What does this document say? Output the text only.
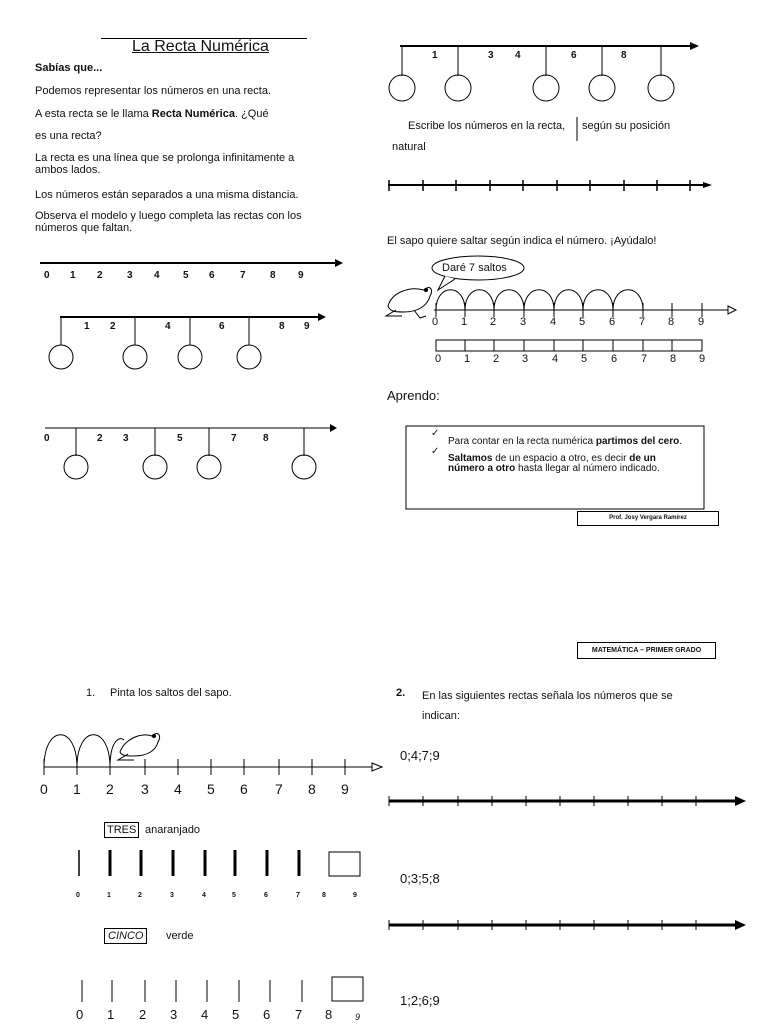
La Recta Numérica
Sabías que...
Podemos representar los números en una recta.
A esta recta se le llama Recta Numérica. ¿Qué
es una recta?
La recta es una línea que se prolonga infinitamente a ambos lados.
Los números están separados a una misma distancia.
Observa el modelo y luego completa las rectas con los números que faltan.
0 1 2 3 4 5 6	7 8 9
1 2	4	6	8 9
0	2 3	5	7	8
1	3 4	6	8
Escribe los números en la recta, según su posición
natural
El sapo quiere saltar según indica el número. ¡Ayúdalo!
Daré 7 saltos
0 1 2 3 4 5 6 7 8 9
0 1 2 3 4 5 6 7 8 9
Aprendo:
✓
Para contar en la recta numérica partimos del cero.
✓
Saltamos de un espacio a otro, es decir de un número a otro hasta llegar al número indicado.
Prof. Josy Vergara Ramírez
MATEMÁTICA – PRIMER GRADO
1. Pinta los saltos del sapo.	2. En las siguientes rectas señala los números que se indican:
0 1 2 3 4 5 6 7 8 9
TRES anaranjado
0	1	2	3	4	5	6	7	8	9
CINCO	verde
0 1 2 3 4 5 6 7 8	9
0;4;7;9
0;3;5;8
1;2;6;9
